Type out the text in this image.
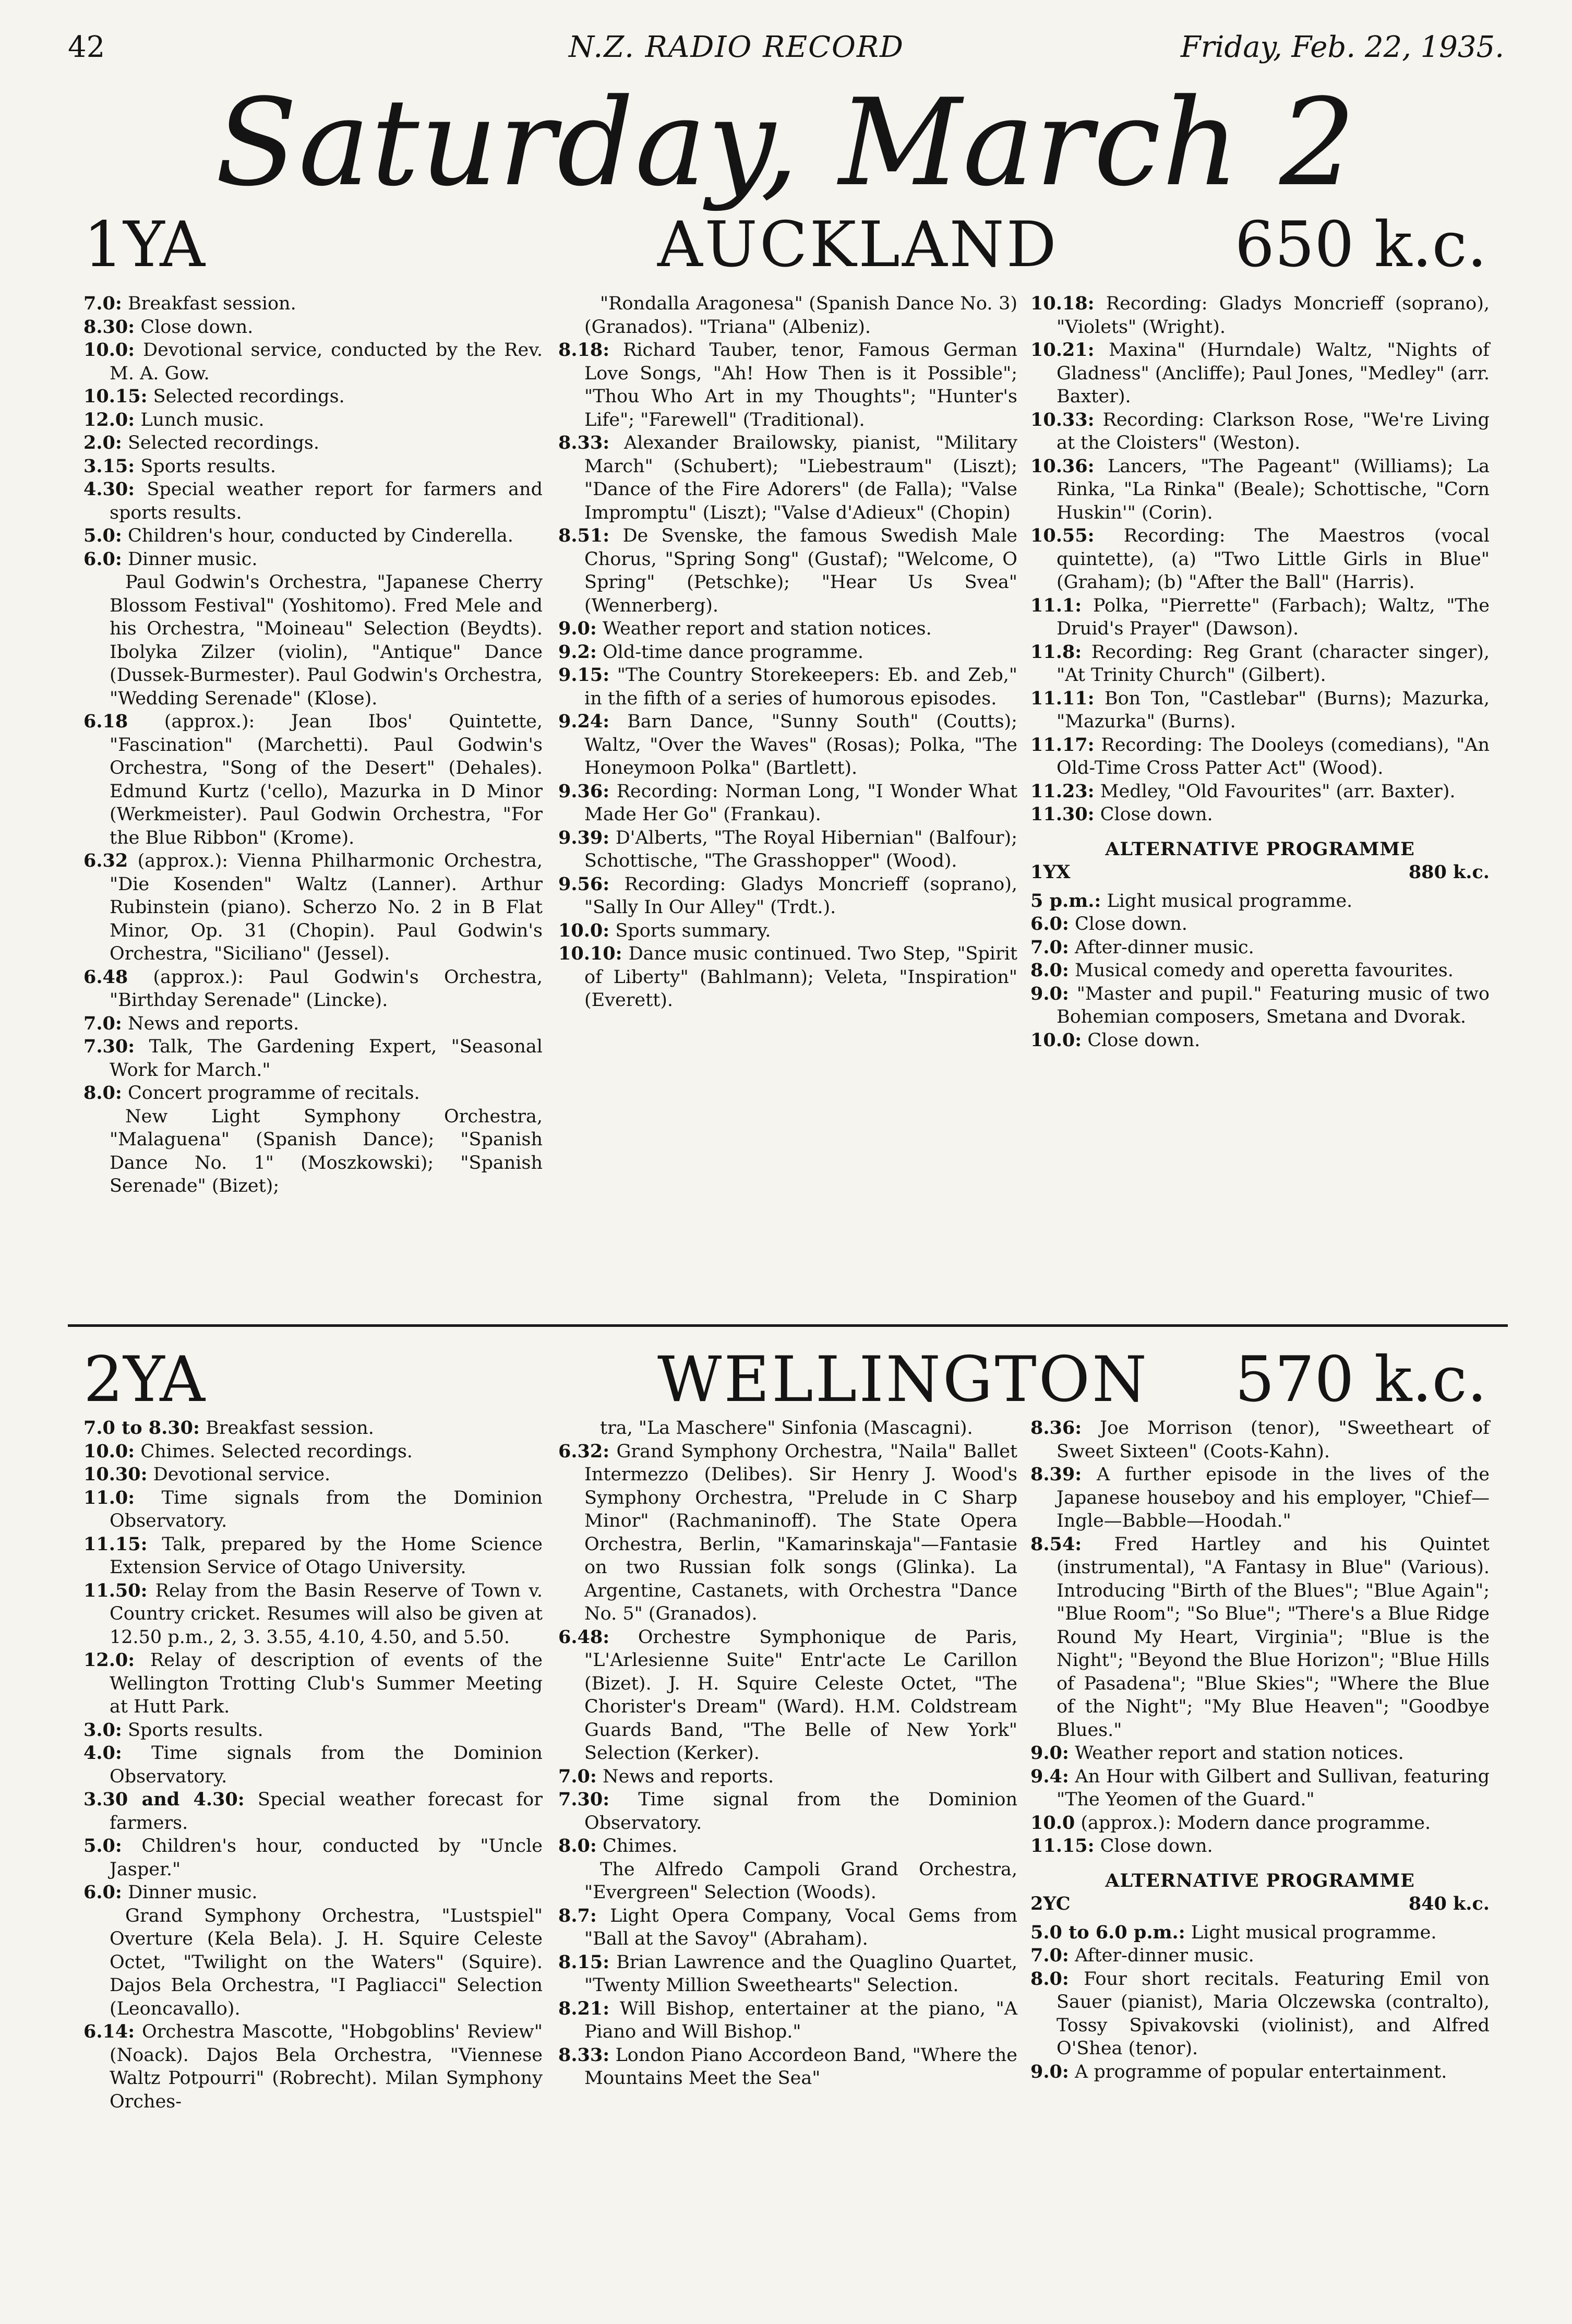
42	N.Z. RADIO RECORD	Friday, Feb. 22, 1935.
Saturday, March 2
1YA	AUCKLAND	650 k.c.

7.0: Breakfast session.

8.30: Close down.

10.0: Devotional service, conducted by the Rev. M. A. Gow.

10.15: Selected recordings.

12.0: Lunch music.

2.0: Selected recordings.

3.15: Sports results.

4.30: Special weather report for farmers and sports results.

5.0: Children's hour, conducted by Cinderella.

6.0: Dinner music.

Paul Godwin's Orchestra, "Japanese Cherry Blossom Festival" (Yoshitomo). Fred Mele and his Orchestra, "Moineau" Selection (Beydts). Ibolyka Zilzer (violin), "Antique" Dance (Dussek-Burmester). Paul Godwin's Orchestra, "Wedding Serenade" (Klose).

6.18 (approx.): Jean Ibos' Quintette, "Fascination" (Marchetti). Paul Godwin's Orchestra, "Song of the Desert" (Dehales). Edmund Kurtz ('cello), Mazurka in D Minor (Werkmeister). Paul Godwin Orchestra, "For the Blue Ribbon" (Krome).

6.32 (approx.): Vienna Philharmonic Orchestra, "Die Kosenden" Waltz (Lanner). Arthur Rubinstein (piano). Scherzo No. 2 in B Flat Minor, Op. 31 (Chopin). Paul Godwin's Orchestra, "Siciliano" (Jessel).

6.48 (approx.): Paul Godwin's Orchestra, "Birthday Serenade" (Lincke).

7.0: News and reports.

7.30: Talk, The Gardening Expert, "Seasonal Work for March."

8.0: Concert programme of recitals.

New Light Symphony Orchestra, "Malaguena" (Spanish Dance); "Spanish Dance No. 1" (Moszkowski); "Spanish Serenade" (Bizet);

"Rondalla Aragonesa" (Spanish Dance No. 3) (Granados). "Triana" (Albeniz).

8.18: Richard Tauber, tenor, Famous German Love Songs, "Ah! How Then is it Possible"; "Thou Who Art in my Thoughts"; "Hunter's Life"; "Farewell" (Traditional).

8.33: Alexander Brailowsky, pianist, "Military March" (Schubert); "Liebestraum" (Liszt); "Dance of the Fire Adorers" (de Falla); "Valse Impromptu" (Liszt); "Valse d'Adieux" (Chopin)

8.51: De Svenske, the famous Swedish Male Chorus, "Spring Song" (Gustaf); "Welcome, O Spring" (Petschke); "Hear Us Svea" (Wennerberg).

9.0: Weather report and station notices.

9.2: Old-time dance programme.

9.15: "The Country Storekeepers: Eb. and Zeb," in the fifth of a series of humorous episodes.

9.24: Barn Dance, "Sunny South" (Coutts); Waltz, "Over the Waves" (Rosas); Polka, "The Honeymoon Polka" (Bartlett).

9.36: Recording: Norman Long, "I Wonder What Made Her Go" (Frankau).

9.39: D'Alberts, "The Royal Hibernian" (Balfour); Schottische, "The Grasshopper" (Wood).

9.56: Recording: Gladys Moncrieff (soprano), "Sally In Our Alley" (Trdt.).

10.0: Sports summary.

10.10: Dance music continued. Two Step, "Spirit of Liberty" (Bahlmann); Veleta, "Inspiration" (Everett).

10.18: Recording: Gladys Moncrieff (soprano), "Violets" (Wright).

10.21: Maxina" (Hurndale) Waltz, "Nights of Gladness" (Ancliffe); Paul Jones, "Medley" (arr. Baxter).

10.33: Recording: Clarkson Rose, "We're Living at the Cloisters" (Weston).

10.36: Lancers, "The Pageant" (Williams); La Rinka, "La Rinka" (Beale); Schottische, "Corn Huskin'" (Corin).

10.55: Recording: The Maestros (vocal quintette), (a) "Two Little Girls in Blue" (Graham); (b) "After the Ball" (Harris).

11.1: Polka, "Pierrette" (Farbach); Waltz, "The Druid's Prayer" (Dawson).

11.8: Recording: Reg Grant (character singer), "At Trinity Church" (Gilbert).

11.11: Bon Ton, "Castlebar" (Burns); Mazurka, "Mazurka" (Burns).

11.17: Recording: The Dooleys (comedians), "An Old-Time Cross Patter Act" (Wood).

11.23: Medley, "Old Favourites" (arr. Baxter).

11.30: Close down.

ALTERNATIVE PROGRAMME

1YX	880 k.c.

5 p.m.: Light musical programme.

6.0: Close down.

7.0: After-dinner music.

8.0: Musical comedy and operetta favourites.

9.0: "Master and pupil." Featuring music of two Bohemian composers, Smetana and Dvorak.

10.0: Close down.

2YA	WELLINGTON 570 k.c.

7.0 to 8.30: Breakfast session.

10.0: Chimes. Selected recordings.

10.30: Devotional service.

11.0: Time signals from the Dominion Observatory.

11.15: Talk, prepared by the Home Science Extension Service of Otago University.

11.50: Relay from the Basin Reserve of Town v. Country cricket. Resumes will also be given at 12.50 p.m., 2, 3. 3.55, 4.10, 4.50, and 5.50.

12.0: Relay of description of events of the Wellington Trotting Club's Summer Meeting at Hutt Park.

3.0: Sports results.

4.0: Time signals from the Dominion Observatory.

3.30 and 4.30: Special weather forecast for farmers.

5.0: Children's hour, conducted by "Uncle Jasper."

6.0: Dinner music.

Grand Symphony Orchestra, "Lustspiel" Overture (Kela Bela). J. H. Squire Celeste Octet, "Twilight on the Waters" (Squire). Dajos Bela Orchestra, "I Pagliacci" Selection (Leoncavallo).

6.14: Orchestra Mascotte, "Hobgoblins' Review" (Noack). Dajos Bela Orchestra, "Viennese Waltz Potpourri" (Robrecht). Milan Symphony Orches-

tra, "La Maschere" Sinfonia (Mascagni).

6.32: Grand Symphony Orchestra, "Naila" Ballet Intermezzo (Delibes). Sir Henry J. Wood's Symphony Orchestra, "Prelude in C Sharp Minor" (Rachmaninoff). The State Opera Orchestra, Berlin, "Kamarinskaja"—Fantasie on two Russian folk songs (Glinka). La Argentine, Castanets, with Orchestra "Dance No. 5" (Granados).

6.48: Orchestre Symphonique de Paris, "L'Arlesienne Suite" Entr'acte Le Carillon (Bizet). J. H. Squire Celeste Octet, "The Chorister's Dream" (Ward). H.M. Coldstream Guards Band, "The Belle of New York" Selection (Kerker).

7.0: News and reports.

7.30: Time signal from the Dominion Observatory.

8.0: Chimes.

The Alfredo Campoli Grand Orchestra, "Evergreen" Selection (Woods).

8.7: Light Opera Company, Vocal Gems from "Ball at the Savoy" (Abraham).

8.15: Brian Lawrence and the Quaglino Quartet, "Twenty Million Sweethearts" Selection.

8.21: Will Bishop, entertainer at the piano, "A Piano and Will Bishop."

8.33: London Piano Accordeon Band, "Where the Mountains Meet the Sea"

8.36: Joe Morrison (tenor), "Sweetheart of Sweet Sixteen" (Coots-Kahn).

8.39: A further episode in the lives of the Japanese houseboy and his employer, "Chief—Ingle—Babble—Hoodah."

8.54: Fred Hartley and his Quintet (instrumental), "A Fantasy in Blue" (Various). Introducing "Birth of the Blues"; "Blue Again"; "Blue Room"; "So Blue"; "There's a Blue Ridge Round My Heart, Virginia"; "Blue is the Night"; "Beyond the Blue Horizon"; "Blue Hills of Pasadena"; "Blue Skies"; "Where the Blue of the Night"; "My Blue Heaven"; "Goodbye Blues."

9.0: Weather report and station notices.

9.4: An Hour with Gilbert and Sullivan, featuring "The Yeomen of the Guard."

10.0 (approx.): Modern dance programme.

11.15: Close down.

ALTERNATIVE PROGRAMME

2YC	840 k.c.

5.0 to 6.0 p.m.: Light musical programme.

7.0: After-dinner music.

8.0: Four short recitals. Featuring Emil von Sauer (pianist), Maria Olczewska (contralto), Tossy Spivakovski (violinist), and Alfred O'Shea (tenor).

9.0: A programme of popular entertainment.
